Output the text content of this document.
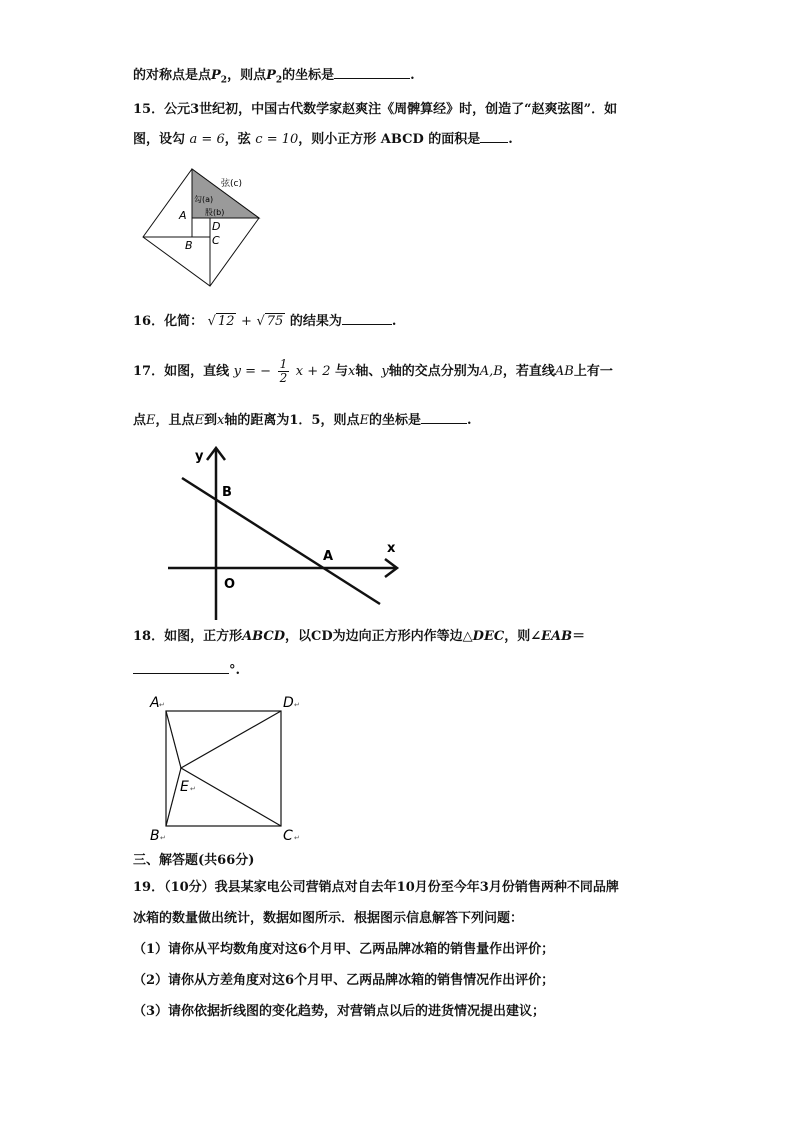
的对称点是点$P_2$，则点$P_2$的坐标是	.
15．公元3世纪初，中国古代数学家赵爽注《周髀算经》时，创造了“赵爽弦图”．如
图，设勾 a = 6，弦 c = 10，则小正方形 ABCD 的面积是 .
弦(c)
勾(a)
股(b)
A
D
C
B
16．化简： √ 12 + √ 75 的结果为	.
17．如图，直线 y = − $\frac{1}{2}$ x + 2 与x轴、y轴的交点分别为A,B，若直线AB上有一
点E，且点E到x轴的距离为1．5，则点E的坐标是	.
y
x
B
A
O
18．如图，正方形ABCD，以CD为边向正方形内作等边△DEC，则∠EAB＝
°.
A ↵	D ↵
E ↵
B ↵	C ↵
三、解答题(共66分)
19．（10分）我县某家电公司营销点对自去年10月份至今年3月份销售两种不同品牌
冰箱的数量做出统计，数据如图所示．根据图示信息解答下列问题：
（1）请你从平均数角度对这6个月甲、乙两品牌冰箱的销售量作出评价；
（2）请你从方差角度对这6个月甲、乙两品牌冰箱的销售情况作出评价；
（3）请你依据折线图的变化趋势，对营销点以后的进货情况提出建议；
